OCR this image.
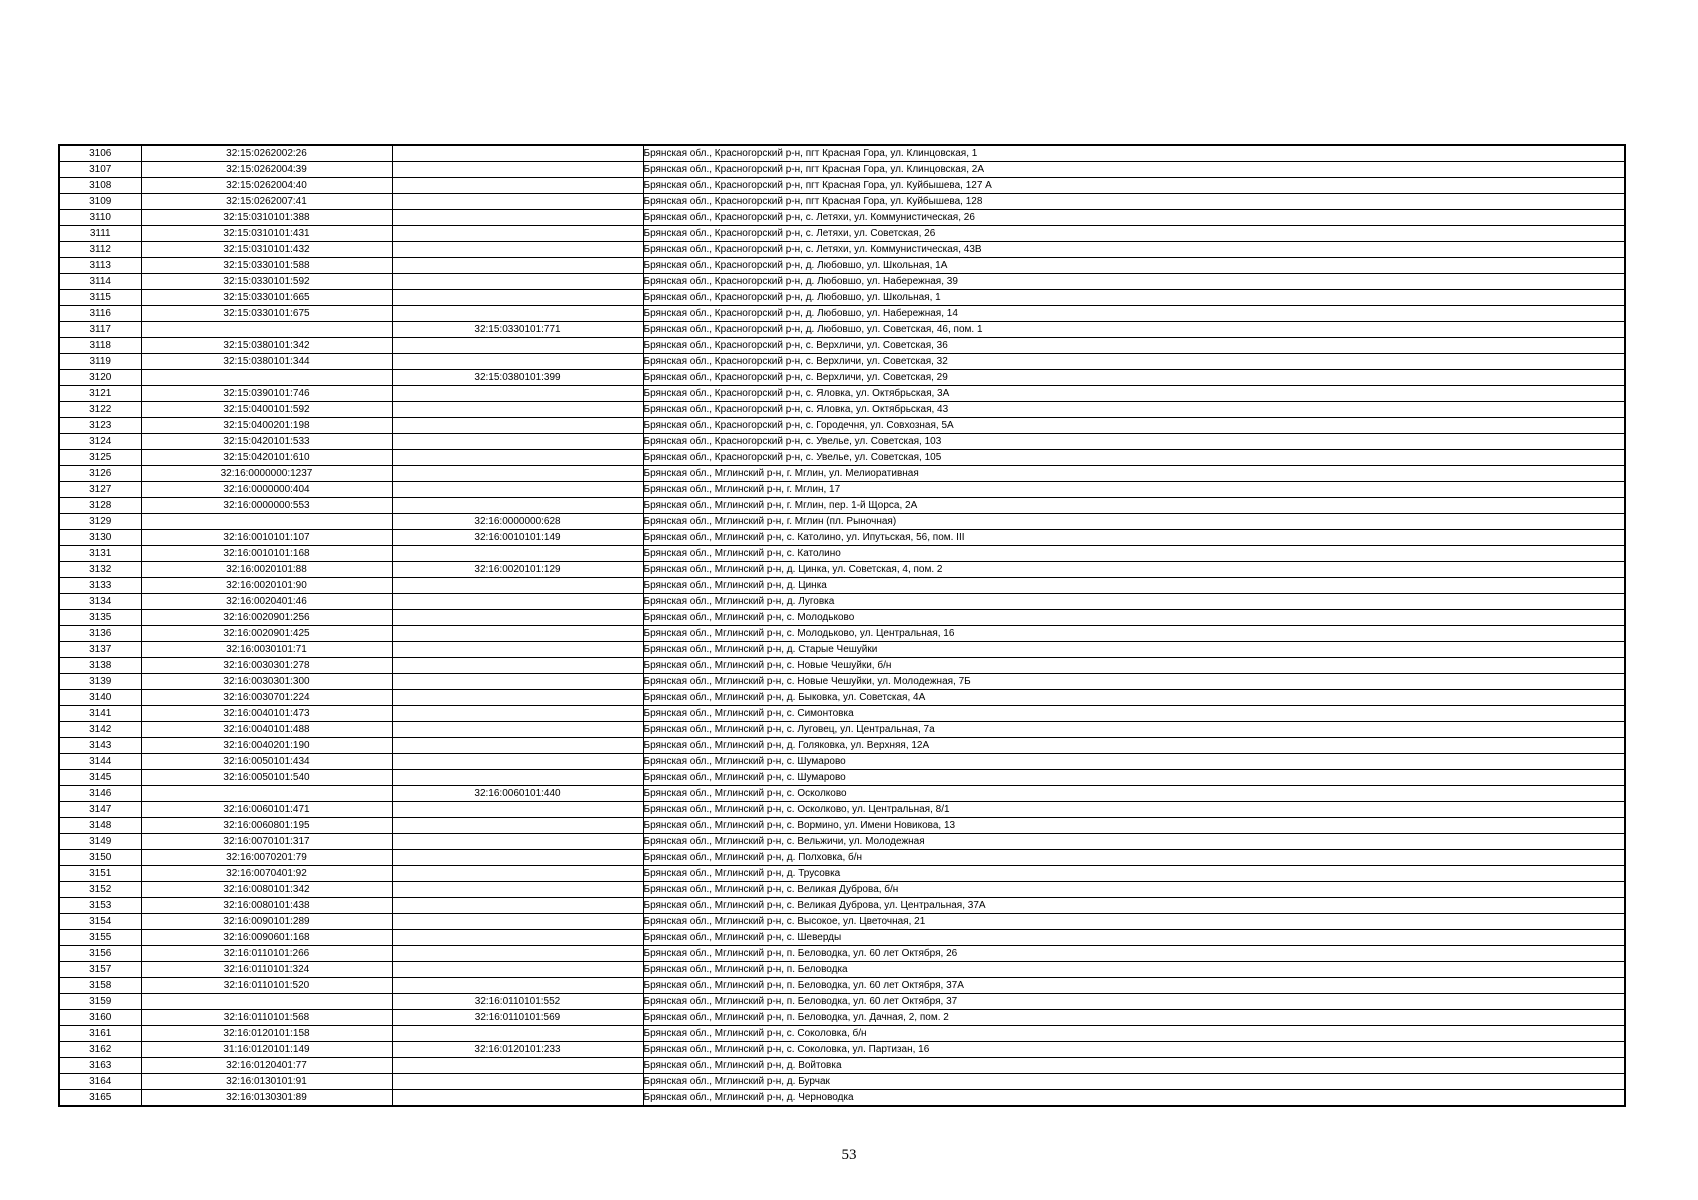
3106	32:15:0262002:26		Брянская обл., Красногорский р-н, пгт Красная Гора, ул. Клинцовская, 1
3107	32:15:0262004:39		Брянская обл., Красногорский р-н, пгт Красная Гора, ул. Клинцовская, 2А
3108	32:15:0262004:40		Брянская обл., Красногорский р-н, пгт Красная Гора, ул. Куйбышева, 127 А
3109	32:15:0262007:41		Брянская обл., Красногорский р-н, пгт Красная Гора, ул. Куйбышева, 128
3110	32:15:0310101:388		Брянская обл., Красногорский р-н, с. Летяхи, ул. Коммунистическая, 26
3111	32:15:0310101:431		Брянская обл., Красногорский р-н, с. Летяхи, ул. Советская, 26
3112	32:15:0310101:432		Брянская обл., Красногорский р-н, с. Летяхи, ул. Коммунистическая, 43В
3113	32:15:0330101:588		Брянская обл., Красногорский р-н, д. Любовшо, ул. Школьная, 1А
3114	32:15:0330101:592		Брянская обл., Красногорский р-н, д. Любовшо, ул. Набережная, 39
3115	32:15:0330101:665		Брянская обл., Красногорский р-н, д. Любовшо, ул. Школьная, 1
3116	32:15:0330101:675		Брянская обл., Красногорский р-н, д. Любовшо, ул. Набережная, 14
3117		32:15:0330101:771	Брянская обл., Красногорский р-н, д. Любовшо, ул. Советская, 46, пом. 1
3118	32:15:0380101:342		Брянская обл., Красногорский р-н, с. Верхличи, ул. Советская, 36
3119	32:15:0380101:344		Брянская обл., Красногорский р-н, с. Верхличи, ул. Советская, 32
3120		32:15:0380101:399	Брянская обл., Красногорский р-н, с. Верхличи, ул. Советская, 29
3121	32:15:0390101:746		Брянская обл., Красногорский р-н, с. Яловка, ул. Октябрьская, 3А
3122	32:15:0400101:592		Брянская обл., Красногорский р-н, с. Яловка, ул. Октябрьская, 43
3123	32:15:0400201:198		Брянская обл., Красногорский р-н, с. Городечня, ул. Совхозная, 5А
3124	32:15:0420101:533		Брянская обл., Красногорский р-н, с. Увелье, ул. Советская, 103
3125	32:15:0420101:610		Брянская обл., Красногорский р-н, с. Увелье, ул. Советская, 105
3126	32:16:0000000:1237		Брянская обл., Мглинский р-н, г. Мглин, ул. Мелиоративная
3127	32:16:0000000:404		Брянская обл., Мглинский р-н, г. Мглин, 17
3128	32:16:0000000:553		Брянская обл., Мглинский р-н, г. Мглин, пер. 1-й Щорса, 2А
3129		32:16:0000000:628	Брянская обл., Мглинский р-н, г. Мглин (пл. Рыночная)
3130	32:16:0010101:107	32:16:0010101:149	Брянская обл., Мглинский р-н, с. Католино, ул. Ипутьская, 56, пом. III
3131	32:16:0010101:168		Брянская обл., Мглинский р-н, с. Католино
3132	32:16:0020101:88	32:16:0020101:129	Брянская обл., Мглинский р-н, д. Цинка, ул. Советская, 4, пом. 2
3133	32:16:0020101:90		Брянская обл., Мглинский р-н, д. Цинка
3134	32:16:0020401:46		Брянская обл., Мглинский р-н, д. Луговка
3135	32:16:0020901:256		Брянская обл., Мглинский р-н, с. Молодьково
3136	32:16:0020901:425		Брянская обл., Мглинский р-н, с. Молодьково, ул. Центральная, 16
3137	32:16:0030101:71		Брянская обл., Мглинский р-н, д. Старые Чешуйки
3138	32:16:0030301:278		Брянская обл., Мглинский р-н, с. Новые Чешуйки, б/н
3139	32:16:0030301:300		Брянская обл., Мглинский р-н, с. Новые Чешуйки, ул. Молодежная, 7Б
3140	32:16:0030701:224		Брянская обл., Мглинский р-н, д. Быковка, ул. Советская, 4А
3141	32:16:0040101:473		Брянская обл., Мглинский р-н, с. Симонтовка
3142	32:16:0040101:488		Брянская обл., Мглинский р-н, с. Луговец, ул. Центральная, 7а
3143	32:16:0040201:190		Брянская обл., Мглинский р-н, д. Голяковка, ул. Верхняя, 12А
3144	32:16:0050101:434		Брянская обл., Мглинский р-н, с. Шумарово
3145	32:16:0050101:540		Брянская обл., Мглинский р-н, с. Шумарово
3146		32:16:0060101:440	Брянская обл., Мглинский р-н, с. Осколково
3147	32:16:0060101:471		Брянская обл., Мглинский р-н, с. Осколково, ул. Центральная, 8/1
3148	32:16:0060801:195		Брянская обл., Мглинский р-н, с. Вормино, ул. Имени Новикова, 13
3149	32:16:0070101:317		Брянская обл., Мглинский р-н, с. Вельжичи, ул. Молодежная
3150	32:16:0070201:79		Брянская обл., Мглинский р-н, д. Полховка, б/н
3151	32:16:0070401:92		Брянская обл., Мглинский р-н, д. Трусовка
3152	32:16:0080101:342		Брянская обл., Мглинский р-н, с. Великая Дуброва, б/н
3153	32:16:0080101:438		Брянская обл., Мглинский р-н, с. Великая Дуброва, ул. Центральная, 37А
3154	32:16:0090101:289		Брянская обл., Мглинский р-н, с. Высокое, ул. Цветочная, 21
3155	32:16:0090601:168		Брянская обл., Мглинский р-н, с. Шеверды
3156	32:16:0110101:266		Брянская обл., Мглинский р-н, п. Беловодка, ул. 60 лет Октября, 26
3157	32:16:0110101:324		Брянская обл., Мглинский р-н, п. Беловодка
3158	32:16:0110101:520		Брянская обл., Мглинский р-н, п. Беловодка, ул. 60 лет Октября, 37А
3159		32:16:0110101:552	Брянская обл., Мглинский р-н, п. Беловодка, ул. 60 лет Октября, 37
3160	32:16:0110101:568	32:16:0110101:569	Брянская обл., Мглинский р-н, п. Беловодка, ул. Дачная, 2, пом. 2
3161	32:16:0120101:158		Брянская обл., Мглинский р-н, с. Соколовка, б/н
3162	31:16:0120101:149	32:16:0120101:233	Брянская обл., Мглинский р-н, с. Соколовка, ул. Партизан, 16
3163	32:16:0120401:77		Брянская обл., Мглинский р-н, д. Войтовка
3164	32:16:0130101:91		Брянская обл., Мглинский р-н, д. Бурчак
3165	32:16:0130301:89		Брянская обл., Мглинский р-н, д. Черноводка
53
